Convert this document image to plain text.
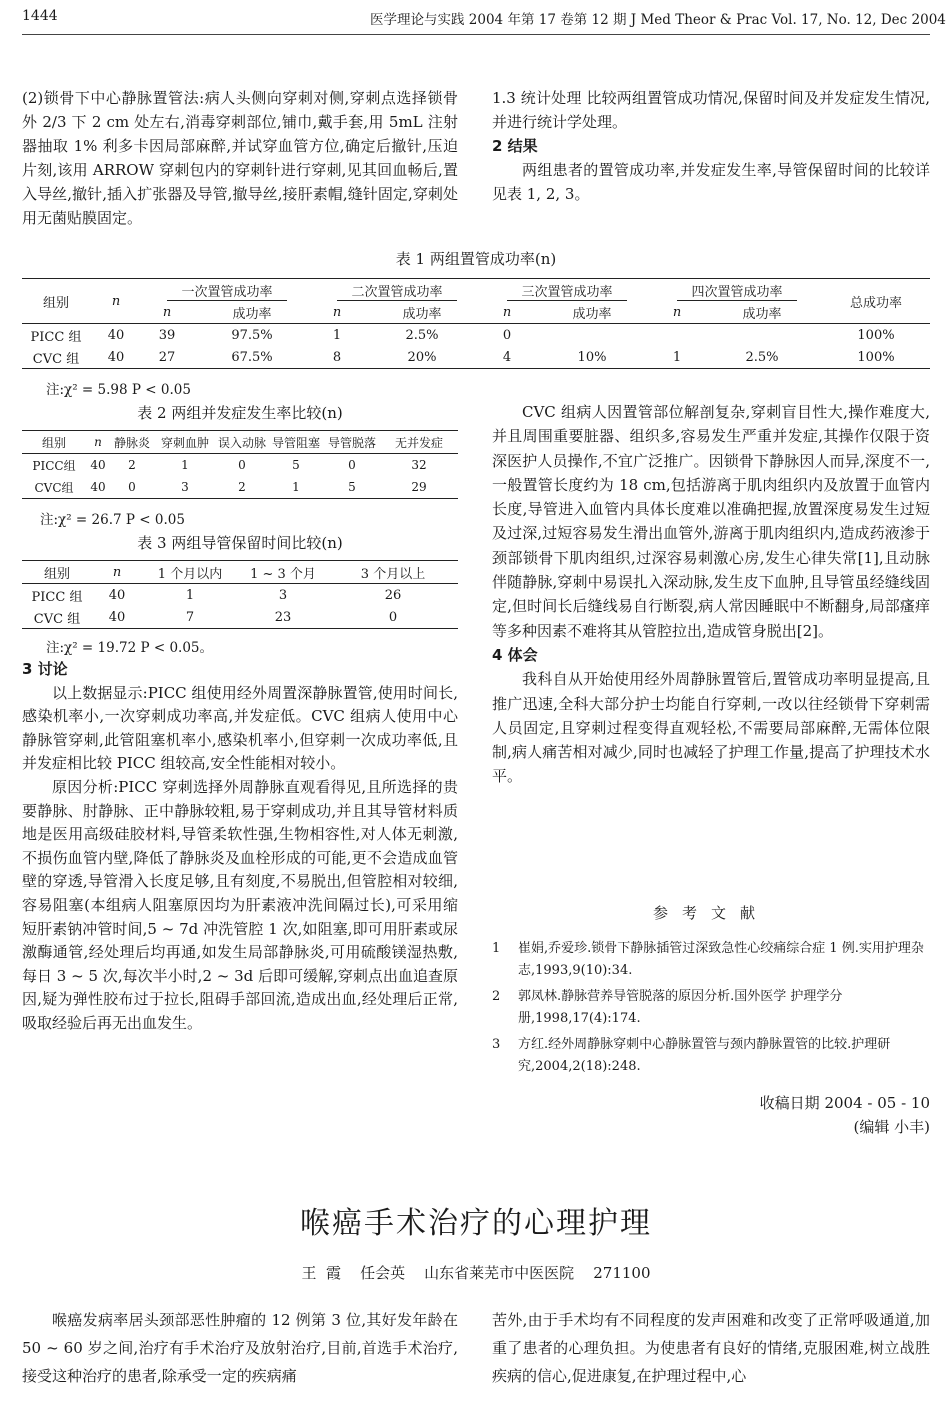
1444	医学理论与实践 2004 年第 17 卷第 12 期 J Med Theor & Prac Vol. 17, No. 12, Dec 2004

(2)锁骨下中心静脉置管法:病人头侧向穿刺对侧,穿刺点选择锁骨外 2/3 下 2 cm 处左右,消毒穿刺部位,铺巾,戴手套,用 5mL 注射器抽取 1% 利多卡因局部麻醉,并试穿血管方位,确定后撤针,压迫片刻,该用 ARROW 穿刺包内的穿刺针进行穿刺,见其回血畅后,置入导丝,撤针,插入扩张器及导管,撤导丝,接肝素帽,缝针固定,穿刺处用无菌贴膜固定。

1.3 统计处理 比较两组置管成功情况,保留时间及并发症发生情况,并进行统计学处理。

2 结果

两组患者的置管成功率,并发症发生率,导管保留时间的比较详见表 1, 2, 3。

表 1 两组置管成功率(n)
组别	n	一次置管成功率		二次置管成功率		三次置管成功率		四次置管成功率		总成功率
		n	成功率	n	成功率	n	成功率	n	成功率	
PICC 组	40	39	97.5%	1	2.5%	0				100%
CVC 组	40	27	67.5%	8	20%	4	10%	1	2.5%	100%
注:χ² = 5.98 P < 0.05
表 2 两组并发症发生率比较(n)
组别	n	静脉炎	穿刺血肿	误入动脉	导管阻塞	导管脱落	无并发症
PICC组	40	2	1	0	5	0	32
CVC组	40	0	3	2	1	5	29
注:χ² = 26.7 P < 0.05
表 3 两组导管保留时间比较(n)
组别	n	1 个月以内	1 ~ 3 个月	3 个月以上
PICC 组	40	1	3	26
CVC 组	40	7	23	0
注:χ² = 19.72 P < 0.05。

3 讨论

以上数据显示:PICC 组使用经外周置深静脉置管,使用时间长,感染机率小,一次穿刺成功率高,并发症低。CVC 组病人使用中心静脉管穿刺,此管阻塞机率小,感染机率小,但穿刺一次成功率低,且并发症相比较 PICC 组较高,安全性能相对较小。

原因分析:PICC 穿刺选择外周静脉直观看得见,且所选择的贵要静脉、肘静脉、正中静脉较粗,易于穿刺成功,并且其导管材料质地是医用高级硅胶材料,导管柔软性强,生物相容性,对人体无刺激,不损伤血管内壁,降低了静脉炎及血栓形成的可能,更不会造成血管壁的穿透,导管滑入长度足够,且有刻度,不易脱出,但管腔相对较细,容易阻塞(本组病人阻塞原因均为肝素液冲洗间隔过长),可采用缩短肝素钠冲管时间,5 ~ 7d 冲洗管腔 1 次,如阻塞,即可用肝素或尿激酶通管,经处理后均再通,如发生局部静脉炎,可用硫酸镁湿热敷,每日 3 ~ 5 次,每次半小时,2 ~ 3d 后即可缓解,穿刺点出血追查原因,疑为弹性胶布过于拉长,阻碍手部回流,造成出血,经处理后正常,吸取经验后再无出血发生。

CVC 组病人因置管部位解剖复杂,穿刺盲目性大,操作难度大,并且周围重要脏器、组织多,容易发生严重并发症,其操作仅限于资深医护人员操作,不宜广泛推广。因锁骨下静脉因人而异,深度不一,一般置管长度约为 18 cm,包括游离于肌肉组织内及放置于血管内长度,导管进入血管内具体长度难以准确把握,放置深度易发生过短及过深,过短容易发生滑出血管外,游离于肌肉组织内,造成药液渗于颈部锁骨下肌肉组织,过深容易刺激心房,发生心律失常[1],且动脉伴随静脉,穿刺中易误扎入深动脉,发生皮下血肿,且导管虽经缝线固定,但时间长后缝线易自行断裂,病人常因睡眠中不断翻身,局部瘙痒等多种因素不难将其从管腔拉出,造成管身脱出[2]。

4 体会

我科自从开始使用经外周静脉置管后,置管成功率明显提高,且推广迅速,全科大部分护士均能自行穿刺,一改以往经锁骨下穿刺需人员固定,且穿刺过程变得直观轻松,不需要局部麻醉,无需体位限制,病人痛苦相对减少,同时也减轻了护理工作量,提高了护理技术水平。

参考文献
1	崔娟,乔爱珍.锁骨下静脉插管过深致急性心绞痛综合症 1 例.实用护理杂志,1993,9(10):34.
2	郭凤林.静脉营养导管脱落的原因分析.国外医学 护理学分册,1998,17(4):174.
3	方红.经外周静脉穿刺中心静脉置管与颈内静脉置管的比较.护理研究,2004,2(18):248.
收稿日期 2004 - 05 - 10
(编辑 小丰)
喉癌手术治疗的心理护理
王  霞    任会英    山东省莱芜市中医医院    271100

喉癌发病率居头颈部恶性肿瘤的 12 例第 3 位,其好发年龄在 50 ~ 60 岁之间,治疗有手术治疗及放射治疗,目前,首选手术治疗,接受这种治疗的患者,除承受一定的疾病痛

苦外,由于手术均有不同程度的发声困难和改变了正常呼吸通道,加重了患者的心理负担。为使患者有良好的情绪,克服困难,树立战胜疾病的信心,促进康复,在护理过程中,心
